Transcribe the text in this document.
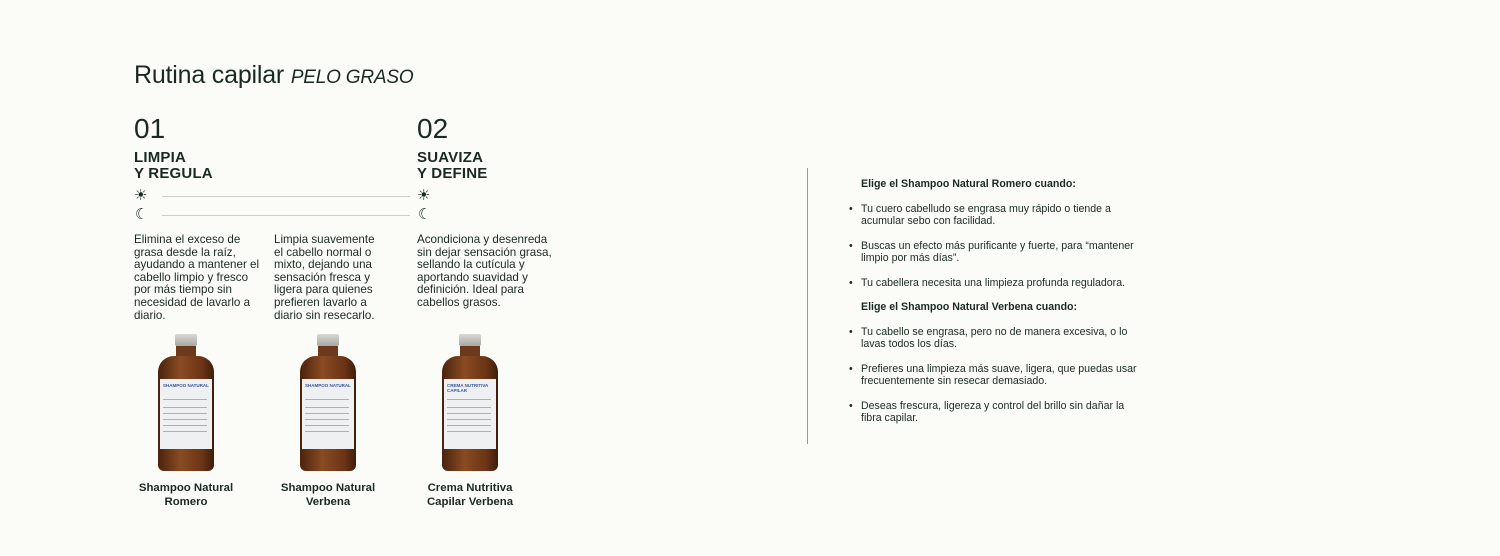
Rutina capilar PELO GRASO
01
LIMPIA
Y REGULA
02
SUAVIZA
Y DEFINE
☀	☀
☾	☾
Elimina el exceso de grasa desde la raíz, ayudando a mantener el cabello limpio y fresco por más tiempo sin necesidad de lavarlo a diario.
Limpia suavemente el cabello normal o mixto, dejando una sensación fresca y ligera para quienes prefieren lavarlo a diario sin resecarlo.
Acondiciona y desenreda sin dejar sensación grasa, sellando la cutícula y aportando suavidad y definición. Ideal para cabellos grasos.
SHAMPOO NATURAL	SHAMPOO NATURAL	CREMA NUTRITIVA CAPILAR
Shampoo Natural
Romero
Shampoo Natural
Verbena
Crema Nutritiva
Capilar Verbena
Elige el Shampoo Natural Romero cuando:
• Tu cuero cabelludo se engrasa muy rápido o tiende a acumular sebo con facilidad.
• Buscas un efecto más purificante y fuerte, para “mantener limpio por más días”.
• Tu cabellera necesita una limpieza profunda reguladora.
Elige el Shampoo Natural Verbena cuando:
• Tu cabello se engrasa, pero no de manera excesiva, o lo lavas todos los días.
• Prefieres una limpieza más suave, ligera, que puedas usar frecuentemente sin resecar demasiado.
• Deseas frescura, ligereza y control del brillo sin dañar la fibra capilar.
